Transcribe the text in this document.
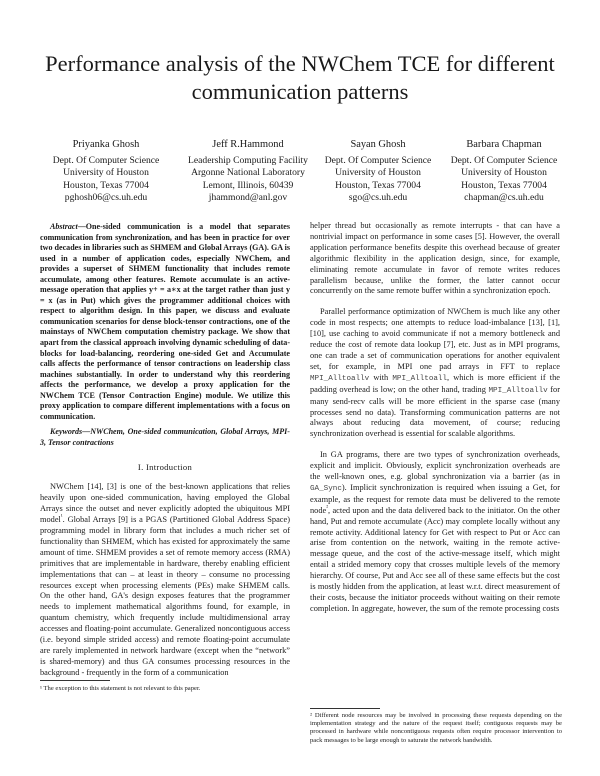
Performance analysis of the NWChem TCE for different communication patterns
Priyanka Ghosh
Dept. Of Computer Science
University of Houston
Houston, Texas 77004
pghosh06@cs.uh.edu
Jeff R.Hammond
Leadership Computing Facility
Argonne National Laboratory
Lemont, Illinois, 60439
jhammond@anl.gov
Sayan Ghosh
Dept. Of Computer Science
University of Houston
Houston, Texas 77004
sgo@cs.uh.edu
Barbara Chapman
Dept. Of Computer Science
University of Houston
Houston, Texas 77004
chapman@cs.uh.edu

Abstract—One-sided communication is a model that separates communication from synchronization, and has been in practice for over two decades in libraries such as SHMEM and Global Arrays (GA). GA is used in a number of application codes, especially NWChem, and provides a superset of SHMEM functionality that includes remote accumulate, among other features. Remote accumulate is an active-message operation that applies y+ = a∗x at the target rather than just y = x (as in Put) which gives the programmer additional choices with respect to algorithm design. In this paper, we discuss and evaluate communication scenarios for dense block-tensor contractions, one of the mainstays of NWChem computation chemistry package. We show that apart from the classical approach involving dynamic scheduling of data-blocks for load-balancing, reordering one-sided Get and Accumulate calls affects the performance of tensor contractions on leadership class machines substantially. In order to understand why this reordering affects the performance, we develop a proxy application for the NWChem TCE (Tensor Contraction Engine) module. We utilize this proxy application to compare different implementations with a focus on communication.

Keywords—NWChem, One-sided communication, Global Arrays, MPI-3, Tensor contractions

I. Introduction

NWChem [14], [3] is one of the best-known applications that relies heavily upon one-sided communication, having employed the Global Arrays since the outset and never explicitly adopted the ubiquitous MPI model$^{^1}$. Global Arrays [9] is a PGAS (Partitioned Global Address Space) programming model in library form that includes a much richer set of functionality than SHMEM, which has existed for approximately the same amount of time. SHMEM provides a set of remote memory access (RMA) primitives that are implementable in hardware, thereby enabling efficient implementations that can – at least in theory – consume no processing resources except when processing elements (PEs) make SHMEM calls. On the other hand, GA's design exposes features that the programmer needs to implement mathematical algorithms found, for example, in quantum chemistry, which frequently include multidimensional array accesses and floating-point accumulate. Generalized noncontiguous access (i.e. beyond simple strided access) and remote floating-point accumulate are rarely implemented in network hardware (except when the “network” is shared-memory) and thus GA consumes processing resources in the background - frequently in the form of a communication

¹ The exception to this statement is not relevant to this paper.

helper thread but occasionally as remote interrupts - that can have a nontrivial impact on performance in some cases [5]. However, the overall application performance benefits despite this overhead because of greater algorithmic flexibility in the application design, since, for example, eliminating remote accumulate in favor of remote writes reduces parallelism because, unlike the former, the latter cannot occur concurrently on the same remote buffer within a synchronization epoch.

Parallel performance optimization of NWChem is much like any other code in most respects; one attempts to reduce load-imbalance [13], [1], [10], use caching to avoid communicate if not a memory bottleneck and reduce the cost of remote data lookup [7], etc. Just as in MPI programs, one can trade a set of communication operations for another equivalent set, for example, in MPI one pad arrays in FFT to replace MPI_Alltoallv with MPI_Alltoall, which is more efficient if the padding overhead is low; on the other hand, trading MPI_Alltoallv for many send-recv calls will be more efficient in the sparse case (many processes send no data). Transforming communication patterns are not always about reducing data movement, of course; reducing synchronization overhead is essential for scalable algorithms.

In GA programs, there are two types of synchronization overheads, explicit and implicit. Obviously, explicit synchronization overheads are the well-known ones, e.g. global synchronization via a barrier (as in GA_Sync). Implicit synchronization is required when issuing a Get, for example, as the request for remote data must be delivered to the remote node$^{^2}$, acted upon and the data delivered back to the initiator. On the other hand, Put and remote accumulate (Acc) may complete locally without any remote activity. Additional latency for Get with respect to Put or Acc can arise from contention on the network, waiting in the remote active-message queue, and the cost of the active-message itself, which might entail a strided memory copy that crosses multiple levels of the memory hierarchy. Of course, Put and Acc see all of these same effects but the cost is mostly hidden from the application, at least w.r.t. direct measurement of their costs, because the initiator proceeds without waiting on their remote completion. In aggregate, however, the sum of the remote processing costs

² Different node resources may be involved in processing these requests depending on the implementation strategy and the nature of the request itself; contiguous requests may be processed in hardware while noncontiguous requests often require processor intervention to pack messages to be large enough to saturate the network bandwidth.
